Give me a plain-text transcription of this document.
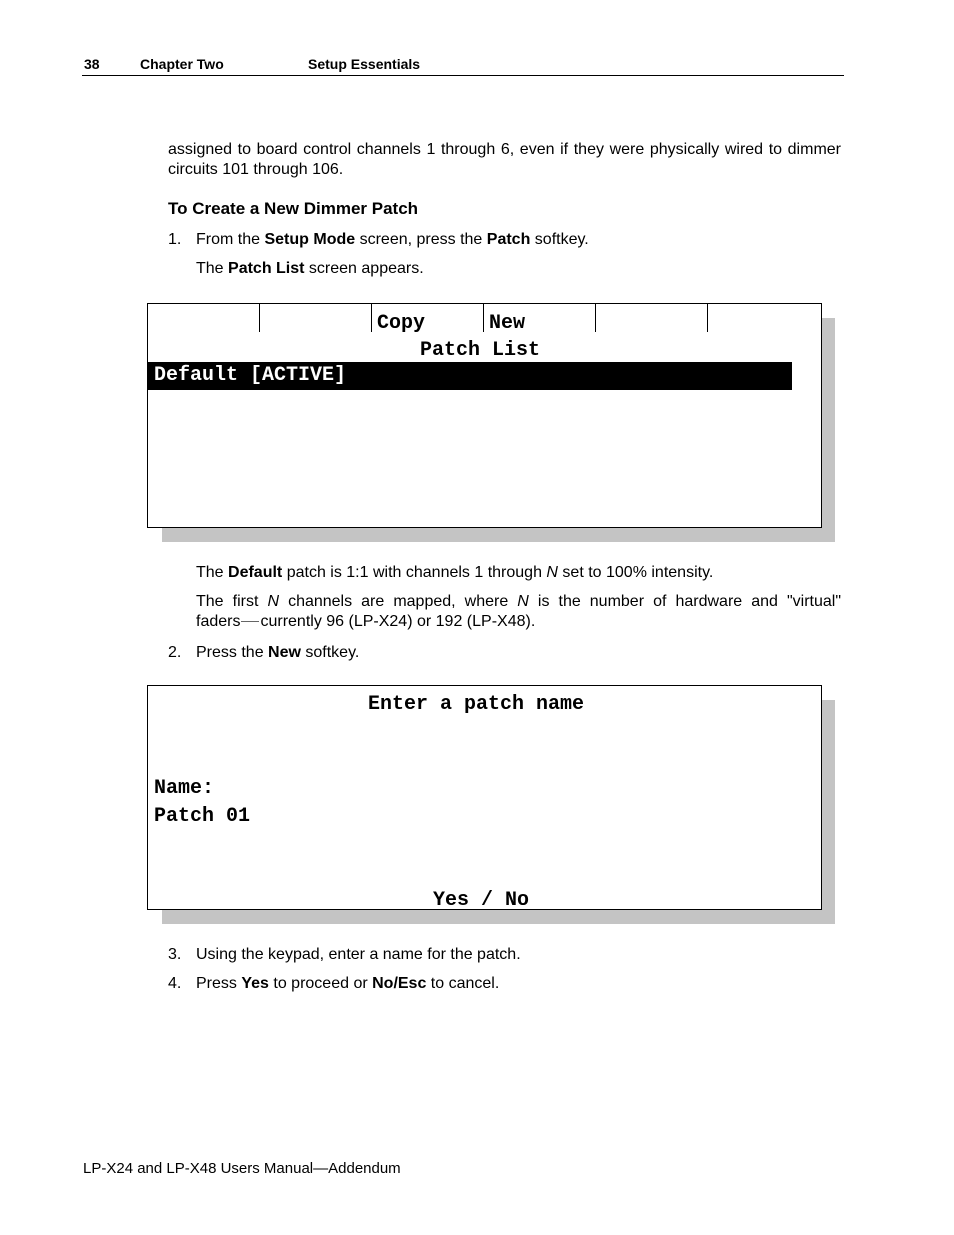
38	Chapter Two	Setup Essentials

assigned to board control channels 1 through 6, even if they were physically wired to dimmer circuits 101 through 106.

To Create a New Dimmer Patch
1. From the Setup Mode screen, press the Patch softkey.
The Patch List screen appears.
Copy	New
Patch List
Default [ACTIVE]
The Default patch is 1:1 with channels 1 through N set to 100% intensity.
The first N channels are mapped, where N is the number of hardware and "virtual"
faders currently 96 (LP-X24) or 192 (LP-X48).
2. Press the New softkey.
Enter a patch name
Name:
Patch 01
Yes / No
3. Using the keypad, enter a name for the patch.
4. Press Yes to proceed or No/Esc to cancel.
LP-X24 and LP-X48 Users Manual—Addendum
